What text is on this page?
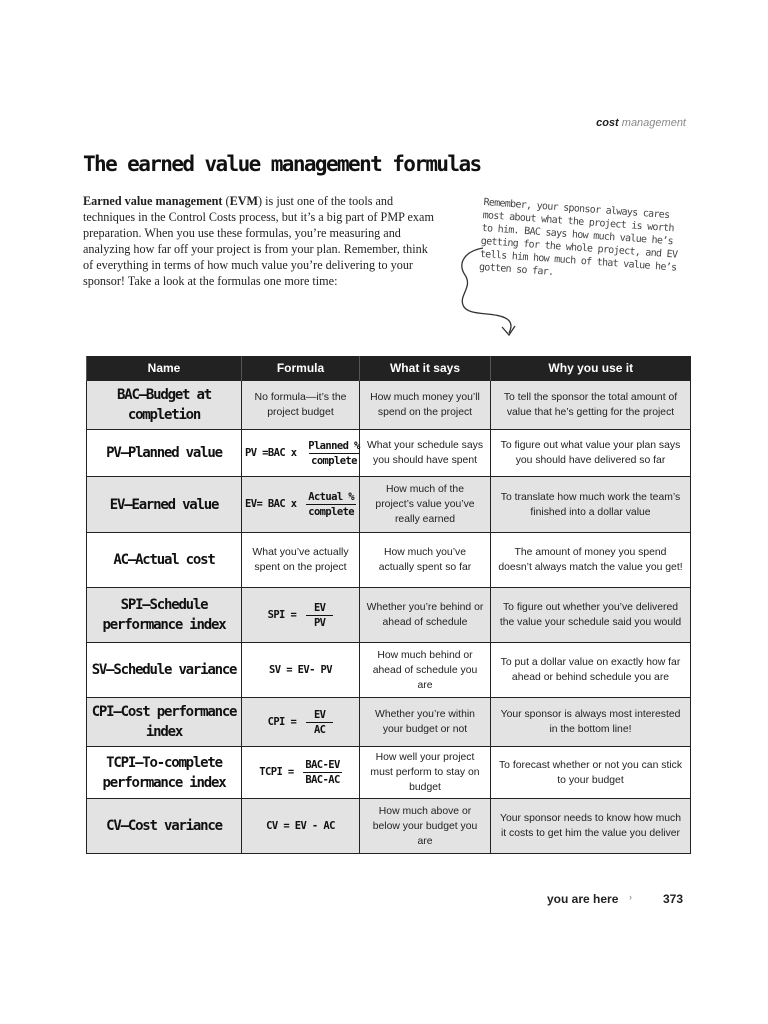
cost management
The earned value management formulas

Earned value management (EVM) is just one of the tools and techniques in the Control Costs process, but it’s a big part of PMP exam preparation. When you use these formulas, you’re measuring and analyzing how far off your project is from your plan. Remember, think of everything in terms of how much value you’re delivering to your sponsor! Take a look at the formulas one more time:

Remember, your sponsor always cares most about what the project is worth to him. BAC says how much value he’s getting for the whole project, and EV tells him how much of that value he’s gotten so far.
Name	Formula	What it says	Why you use it
BAC—Budget at completion	No formula—it’s the project budget	How much money you’ll spend on the project	To tell the sponsor the total amount of value that he’s getting for the project
PV—Planned value	PV =BAC x $\frac{\text{Planned \%}}{\text{complete}}$	What your schedule says you should have spent	To figure out what value your plan says you should have delivered so far
EV—Earned value	EV= BAC x $\frac{\text{Actual \%}}{\text{complete}}$	How much of the project’s value you’ve really earned	To translate how much work the team’s finished into a dollar value
AC—Actual cost	What you’ve actually spent on the project	How much you’ve actually spent so far	The amount of money you spend doesn’t always match the value you get!
SPI—Schedule performance index	SPI = $\frac{EV}{PV}$	Whether you’re behind or ahead of schedule	To figure out whether you’ve delivered the value your schedule said you would
SV—Schedule variance	SV = EV- PV	How much behind or ahead of schedule you are	To put a dollar value on exactly how far ahead or behind schedule you are
CPI—Cost performance index	CPI = $\frac{EV}{AC}$	Whether you’re within your budget or not	Your sponsor is always most interested in the bottom line!
TCPI—To-complete performance index	TCPI = $\frac{\text{BAC-EV}}{\text{BAC-AC}}$	How well your project must perform to stay on budget	To forecast whether or not you can stick to your budget
CV—Cost variance	CV = EV - AC	How much above or below your budget you are	Your sponsor needs to know how much it costs to get him the value you deliver
you are here ›	373
